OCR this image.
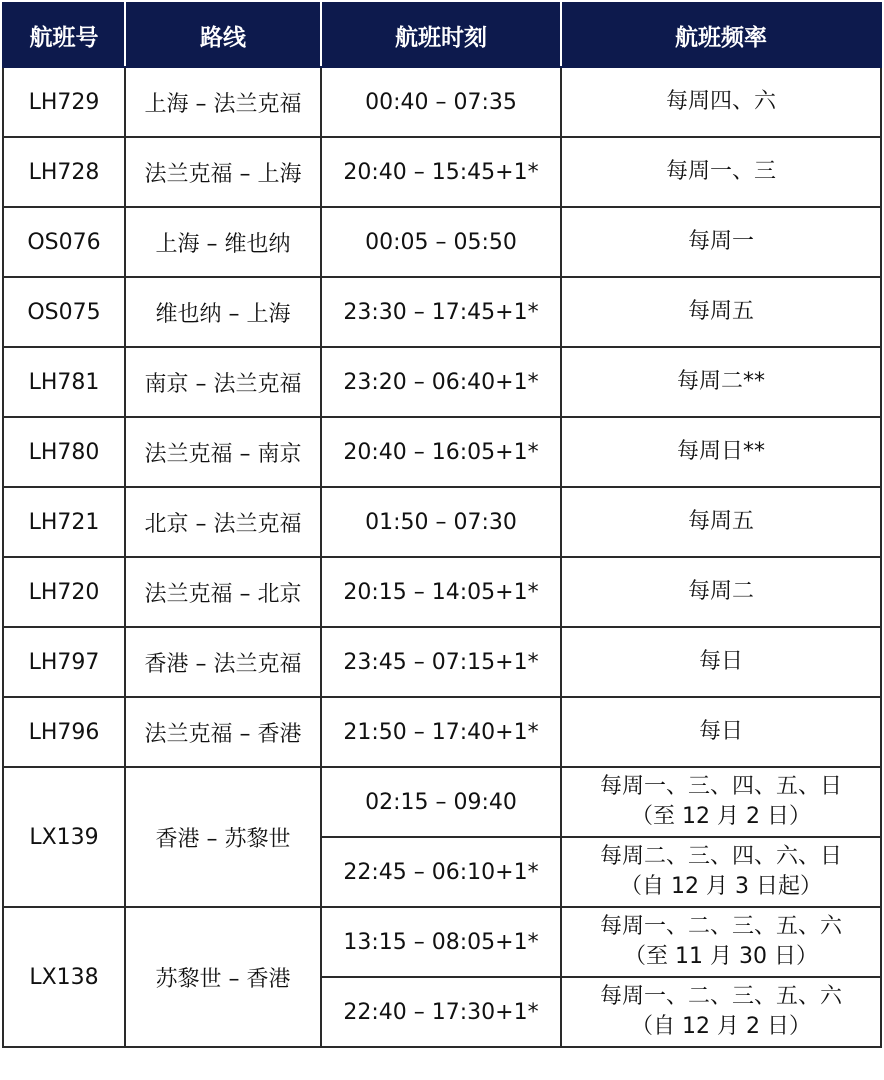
航班号	路线	航班时刻	航班频率
LH729	上海 – 法兰克福	00:40 – 07:35	每周四、六

LH728	法兰克福 – 上海	20:40 – 15:45+1*	每周一、三

OS076	上海 – 维也纳	00:05 – 05:50	每周一

OS075	维也纳 – 上海	23:30 – 17:45+1*	每周五

LH781	南京 – 法兰克福	23:20 – 06:40+1*	每周二**

LH780	法兰克福 – 南京	20:40 – 16:05+1*	每周日**

LH721	北京 – 法兰克福	01:50 – 07:30	每周五

LH720	法兰克福 – 北京	20:15 – 14:05+1*	每周二

LH797	香港 – 法兰克福	23:45 – 07:15+1*	每日

LH796	法兰克福 – 香港	21:50 – 17:40+1*	每日

LX139	香港 – 苏黎世	02:15 – 09:40	每周一、三、四、五、日
（至 12 月 2 日）

		22:45 – 06:10+1*	每周二、三、四、六、日
（自 12 月 3 日起）

LX138	苏黎世 – 香港	13:15 – 08:05+1*	每周一、二、三、五、六
（至 11 月 30 日）

		22:40 – 17:30+1*	每周一、二、三、五、六
（自 12 月 2 日）
